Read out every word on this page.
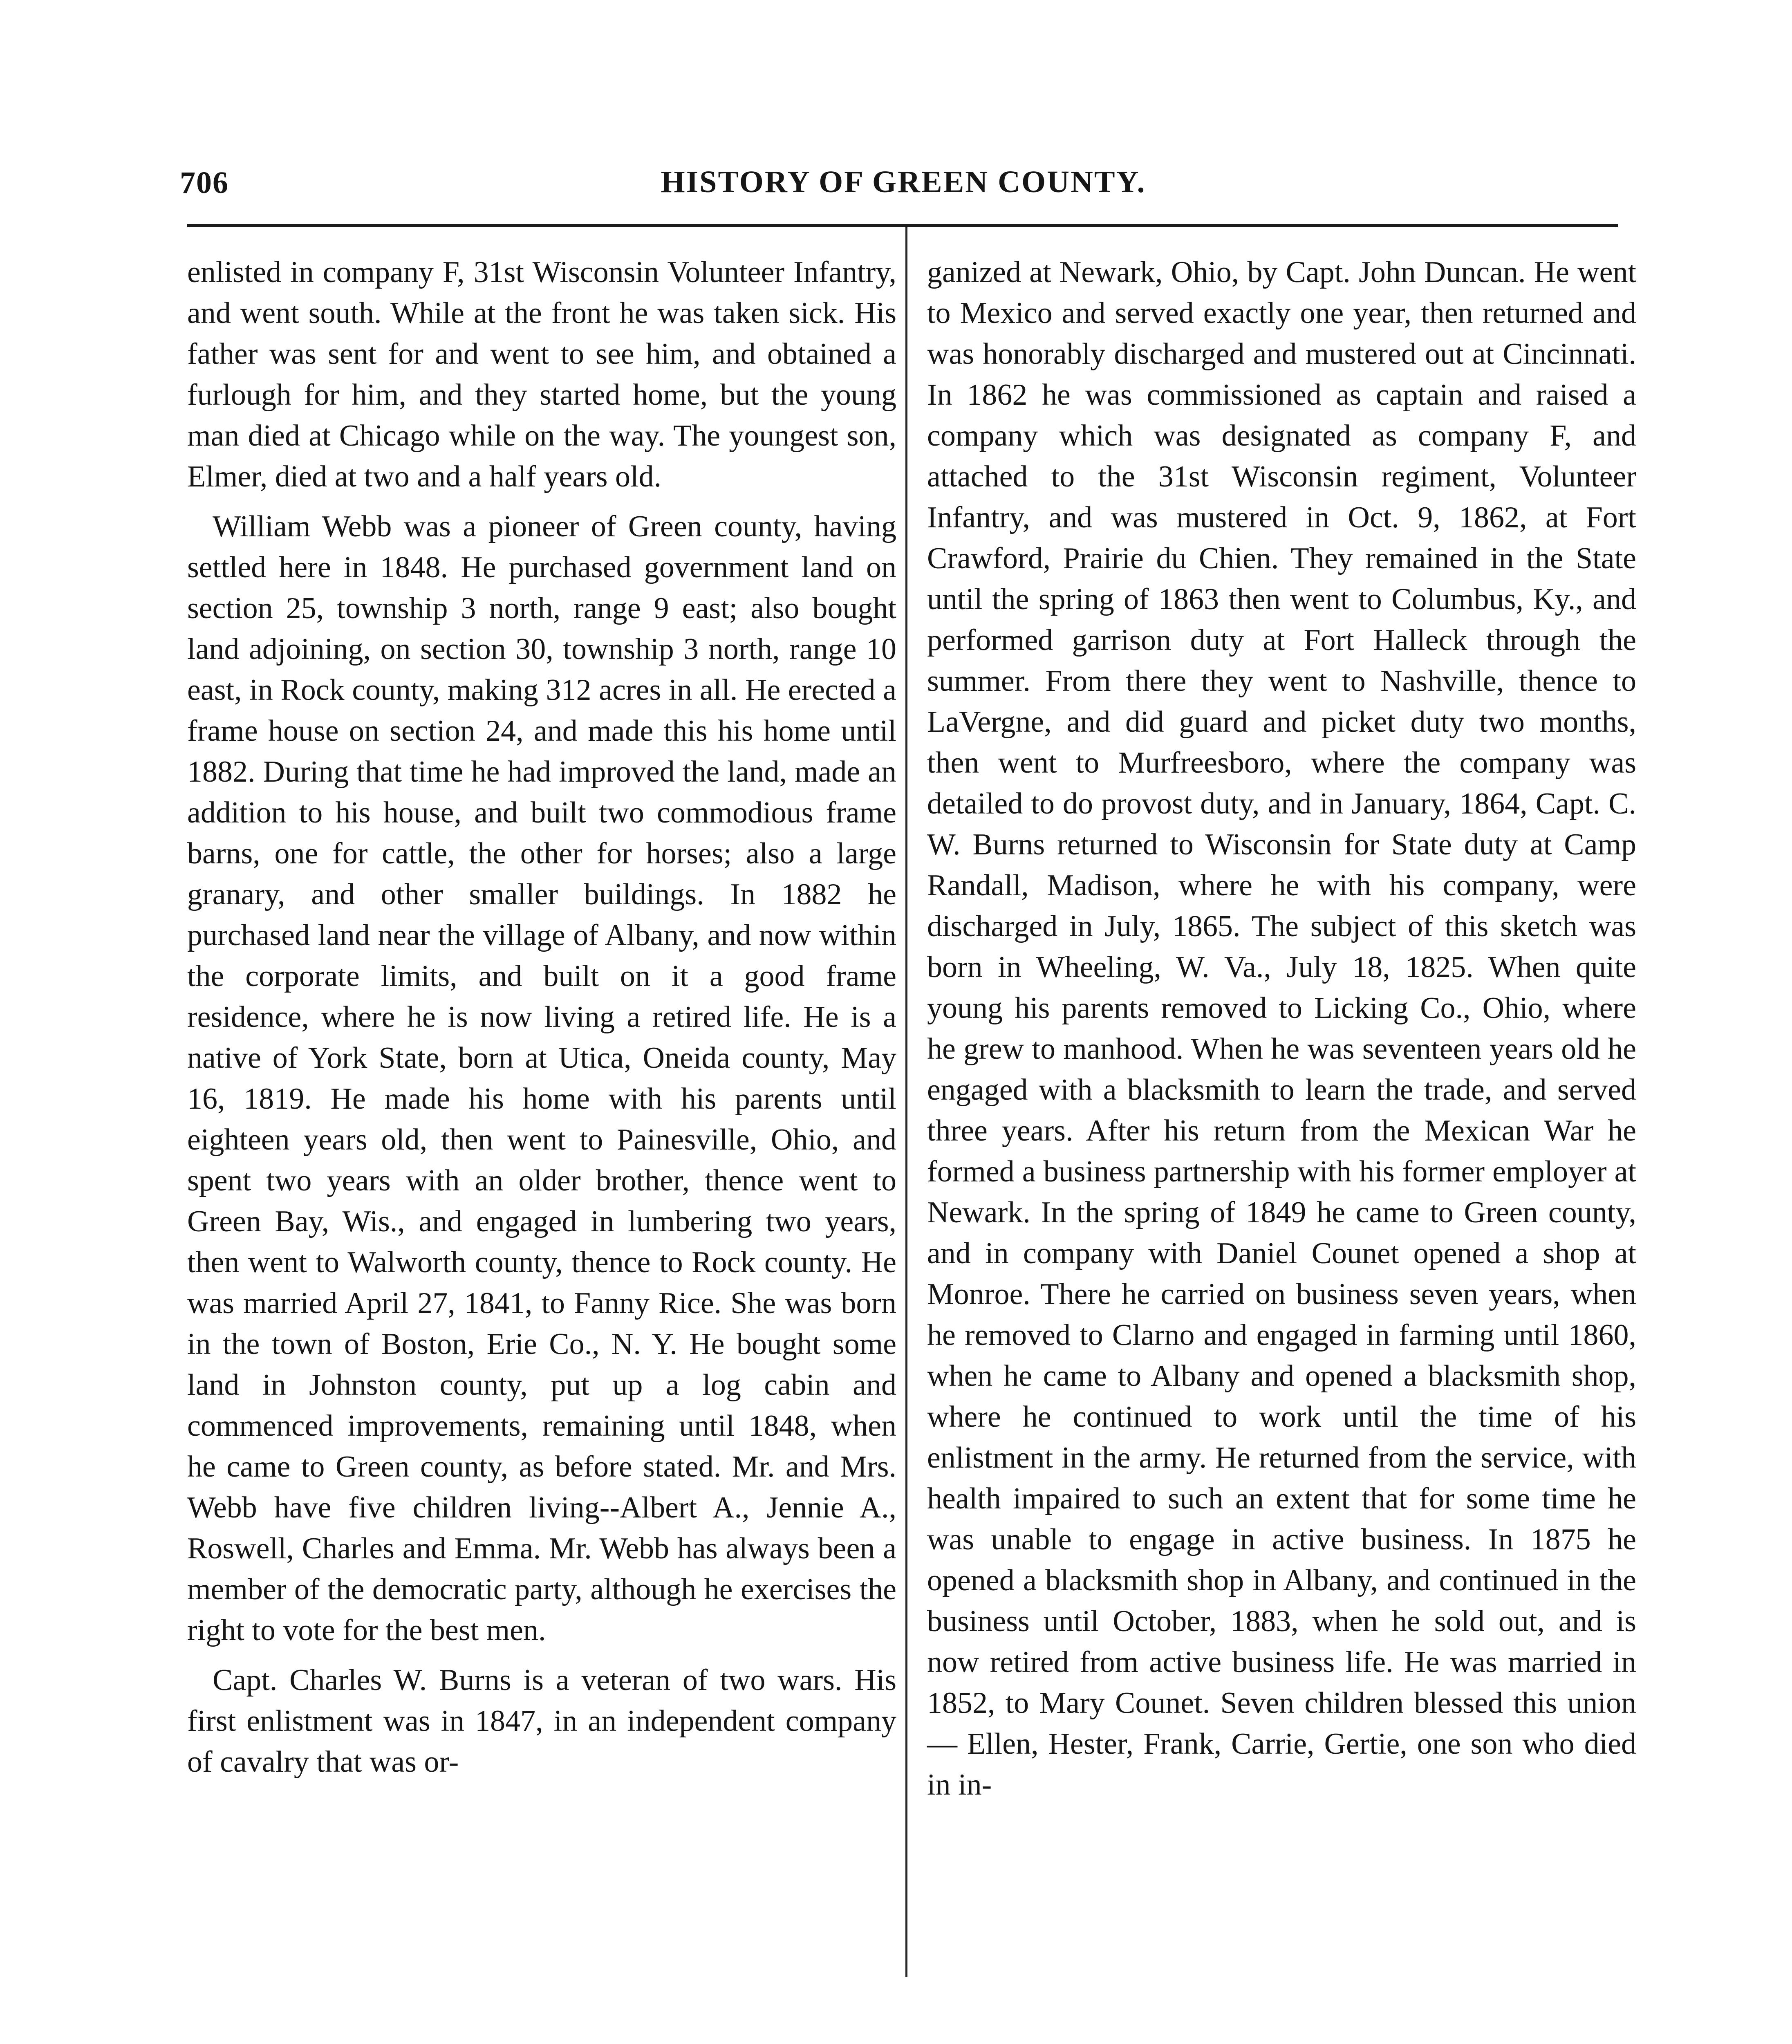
706	HISTORY OF GREEN COUNTY.

enlisted in company F, 31st Wisconsin Volunteer Infantry, and went south. While at the front he was taken sick. His father was sent for and went to see him, and obtained a furlough for him, and they started home, but the young man died at Chicago while on the way. The youngest son, Elmer, died at two and a half years old.

William Webb was a pioneer of Green county, having settled here in 1848. He purchased government land on section 25, township 3 north, range 9 east; also bought land adjoining, on section 30, township 3 north, range 10 east, in Rock county, making 312 acres in all. He erected a frame house on section 24, and made this his home until 1882. During that time he had improved the land, made an addition to his house, and built two commodious frame barns, one for cattle, the other for horses; also a large granary, and other smaller buildings. In 1882 he purchased land near the village of Albany, and now within the corporate limits, and built on it a good frame residence, where he is now living a retired life. He is a native of York State, born at Utica, Oneida county, May 16, 1819. He made his home with his parents until eighteen years old, then went to Painesville, Ohio, and spent two years with an older brother, thence went to Green Bay, Wis., and engaged in lumbering two years, then went to Walworth county, thence to Rock county. He was married April 27, 1841, to Fanny Rice. She was born in the town of Boston, Erie Co., N. Y. He bought some land in Johnston county, put up a log cabin and commenced improvements, remaining until 1848, when he came to Green county, as before stated. Mr. and Mrs. Webb have five children living--Albert A., Jennie A., Roswell, Charles and Emma. Mr. Webb has always been a member of the democratic party, although he exercises the right to vote for the best men.

Capt. Charles W. Burns is a veteran of two wars. His first enlistment was in 1847, in an independent company of cavalry that was or-

ganized at Newark, Ohio, by Capt. John Duncan. He went to Mexico and served exactly one year, then returned and was honorably discharged and mustered out at Cincinnati. In 1862 he was commissioned as captain and raised a company which was designated as company F, and attached to the 31st Wisconsin regiment, Volunteer Infantry, and was mustered in Oct. 9, 1862, at Fort Crawford, Prairie du Chien. They remained in the State until the spring of 1863 then went to Columbus, Ky., and performed garrison duty at Fort Halleck through the summer. From there they went to Nashville, thence to LaVergne, and did guard and picket duty two months, then went to Murfreesboro, where the company was detailed to do provost duty, and in January, 1864, Capt. C. W. Burns returned to Wisconsin for State duty at Camp Randall, Madison, where he with his company, were discharged in July, 1865. The subject of this sketch was born in Wheeling, W. Va., July 18, 1825. When quite young his parents removed to Licking Co., Ohio, where he grew to manhood. When he was seventeen years old he engaged with a blacksmith to learn the trade, and served three years. After his return from the Mexican War he formed a business partnership with his former employer at Newark. In the spring of 1849 he came to Green county, and in company with Daniel Counet opened a shop at Monroe. There he carried on business seven years, when he removed to Clarno and engaged in farming until 1860, when he came to Albany and opened a blacksmith shop, where he continued to work until the time of his enlistment in the army. He returned from the service, with health impaired to such an extent that for some time he was unable to engage in active business. In 1875 he opened a blacksmith shop in Albany, and continued in the business until October, 1883, when he sold out, and is now retired from active business life. He was married in 1852, to Mary Counet. Seven children blessed this union — Ellen, Hester, Frank, Carrie, Gertie, one son who died in in-
